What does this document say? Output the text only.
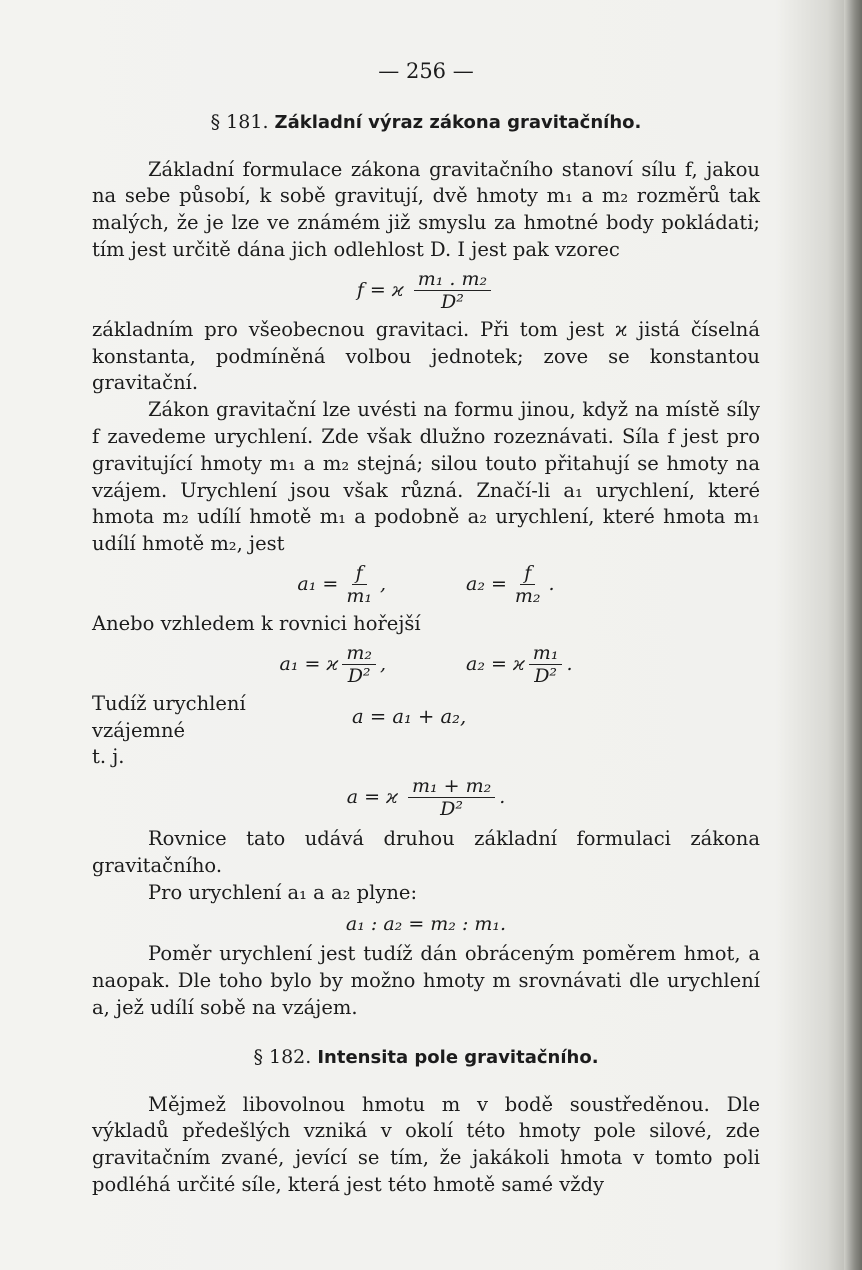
— 256 —
§ 181. Základní výraz zákona gravitačního.

Základní formulace zákona gravitačního stanoví sílu f, jakou na sebe působí, k sobě gravitují, dvě hmoty m₁ a m₂ rozměrů tak malých, že je lze ve známém již smyslu za hmotné body pokládati; tím jest určitě dána jich odlehlost D. I jest pak vzorec

f = ϰ $\frac{\text{m₁ . m₂}}{\text{D²}}$

základním pro všeobecnou gravitaci. Při tom jest ϰ jistá číselná konstanta, podmíněná volbou jednotek; zove se konstantou gravitační.

Zákon gravitační lze uvésti na formu jinou, když na místě síly f zavedeme urychlení. Zde však dlužno rozeznávati. Síla f jest pro gravitující hmoty m₁ a m₂ stejná; silou touto přitahují se hmoty na vzájem. Urychlení jsou však různá. Značí-li a₁ urychlení, které hmota m₂ udílí hmotě m₁ a podobně a₂ urychlení, které hmota m₁ udílí hmotě m₂, jest

$a_1 = \frac{f}{\text{m₁}}$ ,	$a_2 = \frac{f}{\text{m₂}}$ .

Anebo vzhledem k rovnici hořejší

a₁ = ϰ $\frac{\text{m₂}}{\text{D²}}$ ,	a₂ = ϰ $\frac{\text{m₁}}{\text{D²}}$ .
Tudíž urychlení vzájemné
a = a₁ + a₂,
t. j.
a = ϰ $\frac{\text{m₁ + m₂}}{\text{D²}}$ .

Rovnice tato udává druhou základní formulaci zákona gravitačního.

Pro urychlení a₁ a a₂ plyne:

a₁ : a₂ = m₂ : m₁.

Poměr urychlení jest tudíž dán obráceným poměrem hmot, a naopak. Dle toho bylo by možno hmoty m srovnávati dle urychlení a, jež udílí sobě na vzájem.

§ 182. Intensita pole gravitačního.

Mějmež libovolnou hmotu m v bodě soustředěnou. Dle výkladů předešlých vzniká v okolí této hmoty pole silové, zde gravitačním zvané, jevící se tím, že jakákoli hmota v tomto poli podléhá určité síle, která jest této hmotě samé vždy
